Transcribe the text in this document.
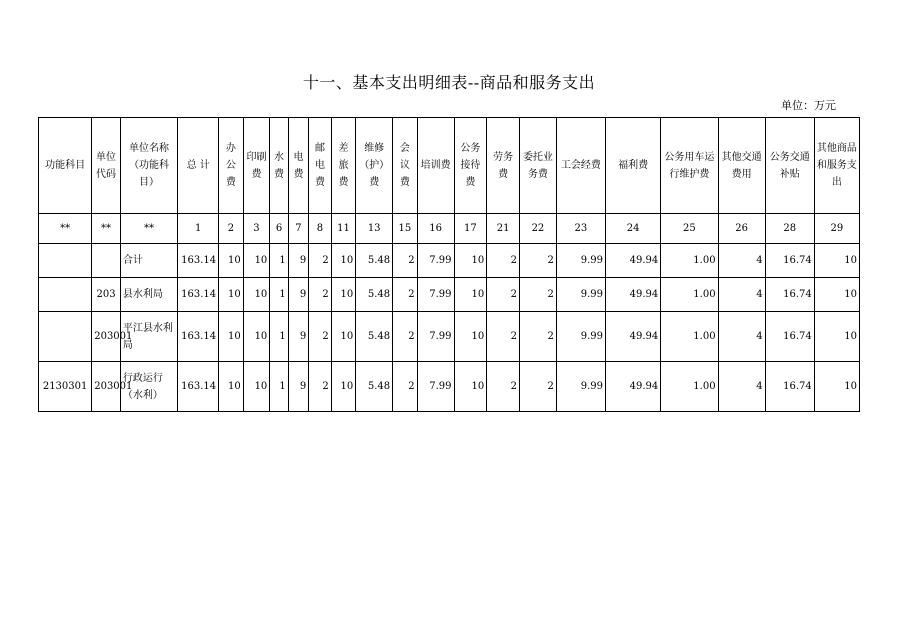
十一、基本支出明细表--商品和服务支出
单位：万元
功能科目	单位代码	单位名称（功能科目）	总 计	办公费	印刷费	水费	电费	邮电费	差旅费	维修（护）费	会议费	培训费	公务接待费	劳务费	委托业务费	工会经费	福利费	公务用车运行维护费	其他交通费用	公务交通补贴	其他商品和服务支出
**	**	**	1	2	3	6	7	8	11	13	15	16	17	21	22	23	24	25	26	28	29
		合计	163.14	10	10	1	9	2	10	5.48	2	7.99	10	2	2	9.99	49.94	1.00	4	16.74	10
	203	县水利局	163.14	10	10	1	9	2	10	5.48	2	7.99	10	2	2	9.99	49.94	1.00	4	16.74	10
	203001	平江县水利局	163.14	10	10	1	9	2	10	5.48	2	7.99	10	2	2	9.99	49.94	1.00	4	16.74	10
2130301	203001	行政运行（水利）	163.14	10	10	1	9	2	10	5.48	2	7.99	10	2	2	9.99	49.94	1.00	4	16.74	10
